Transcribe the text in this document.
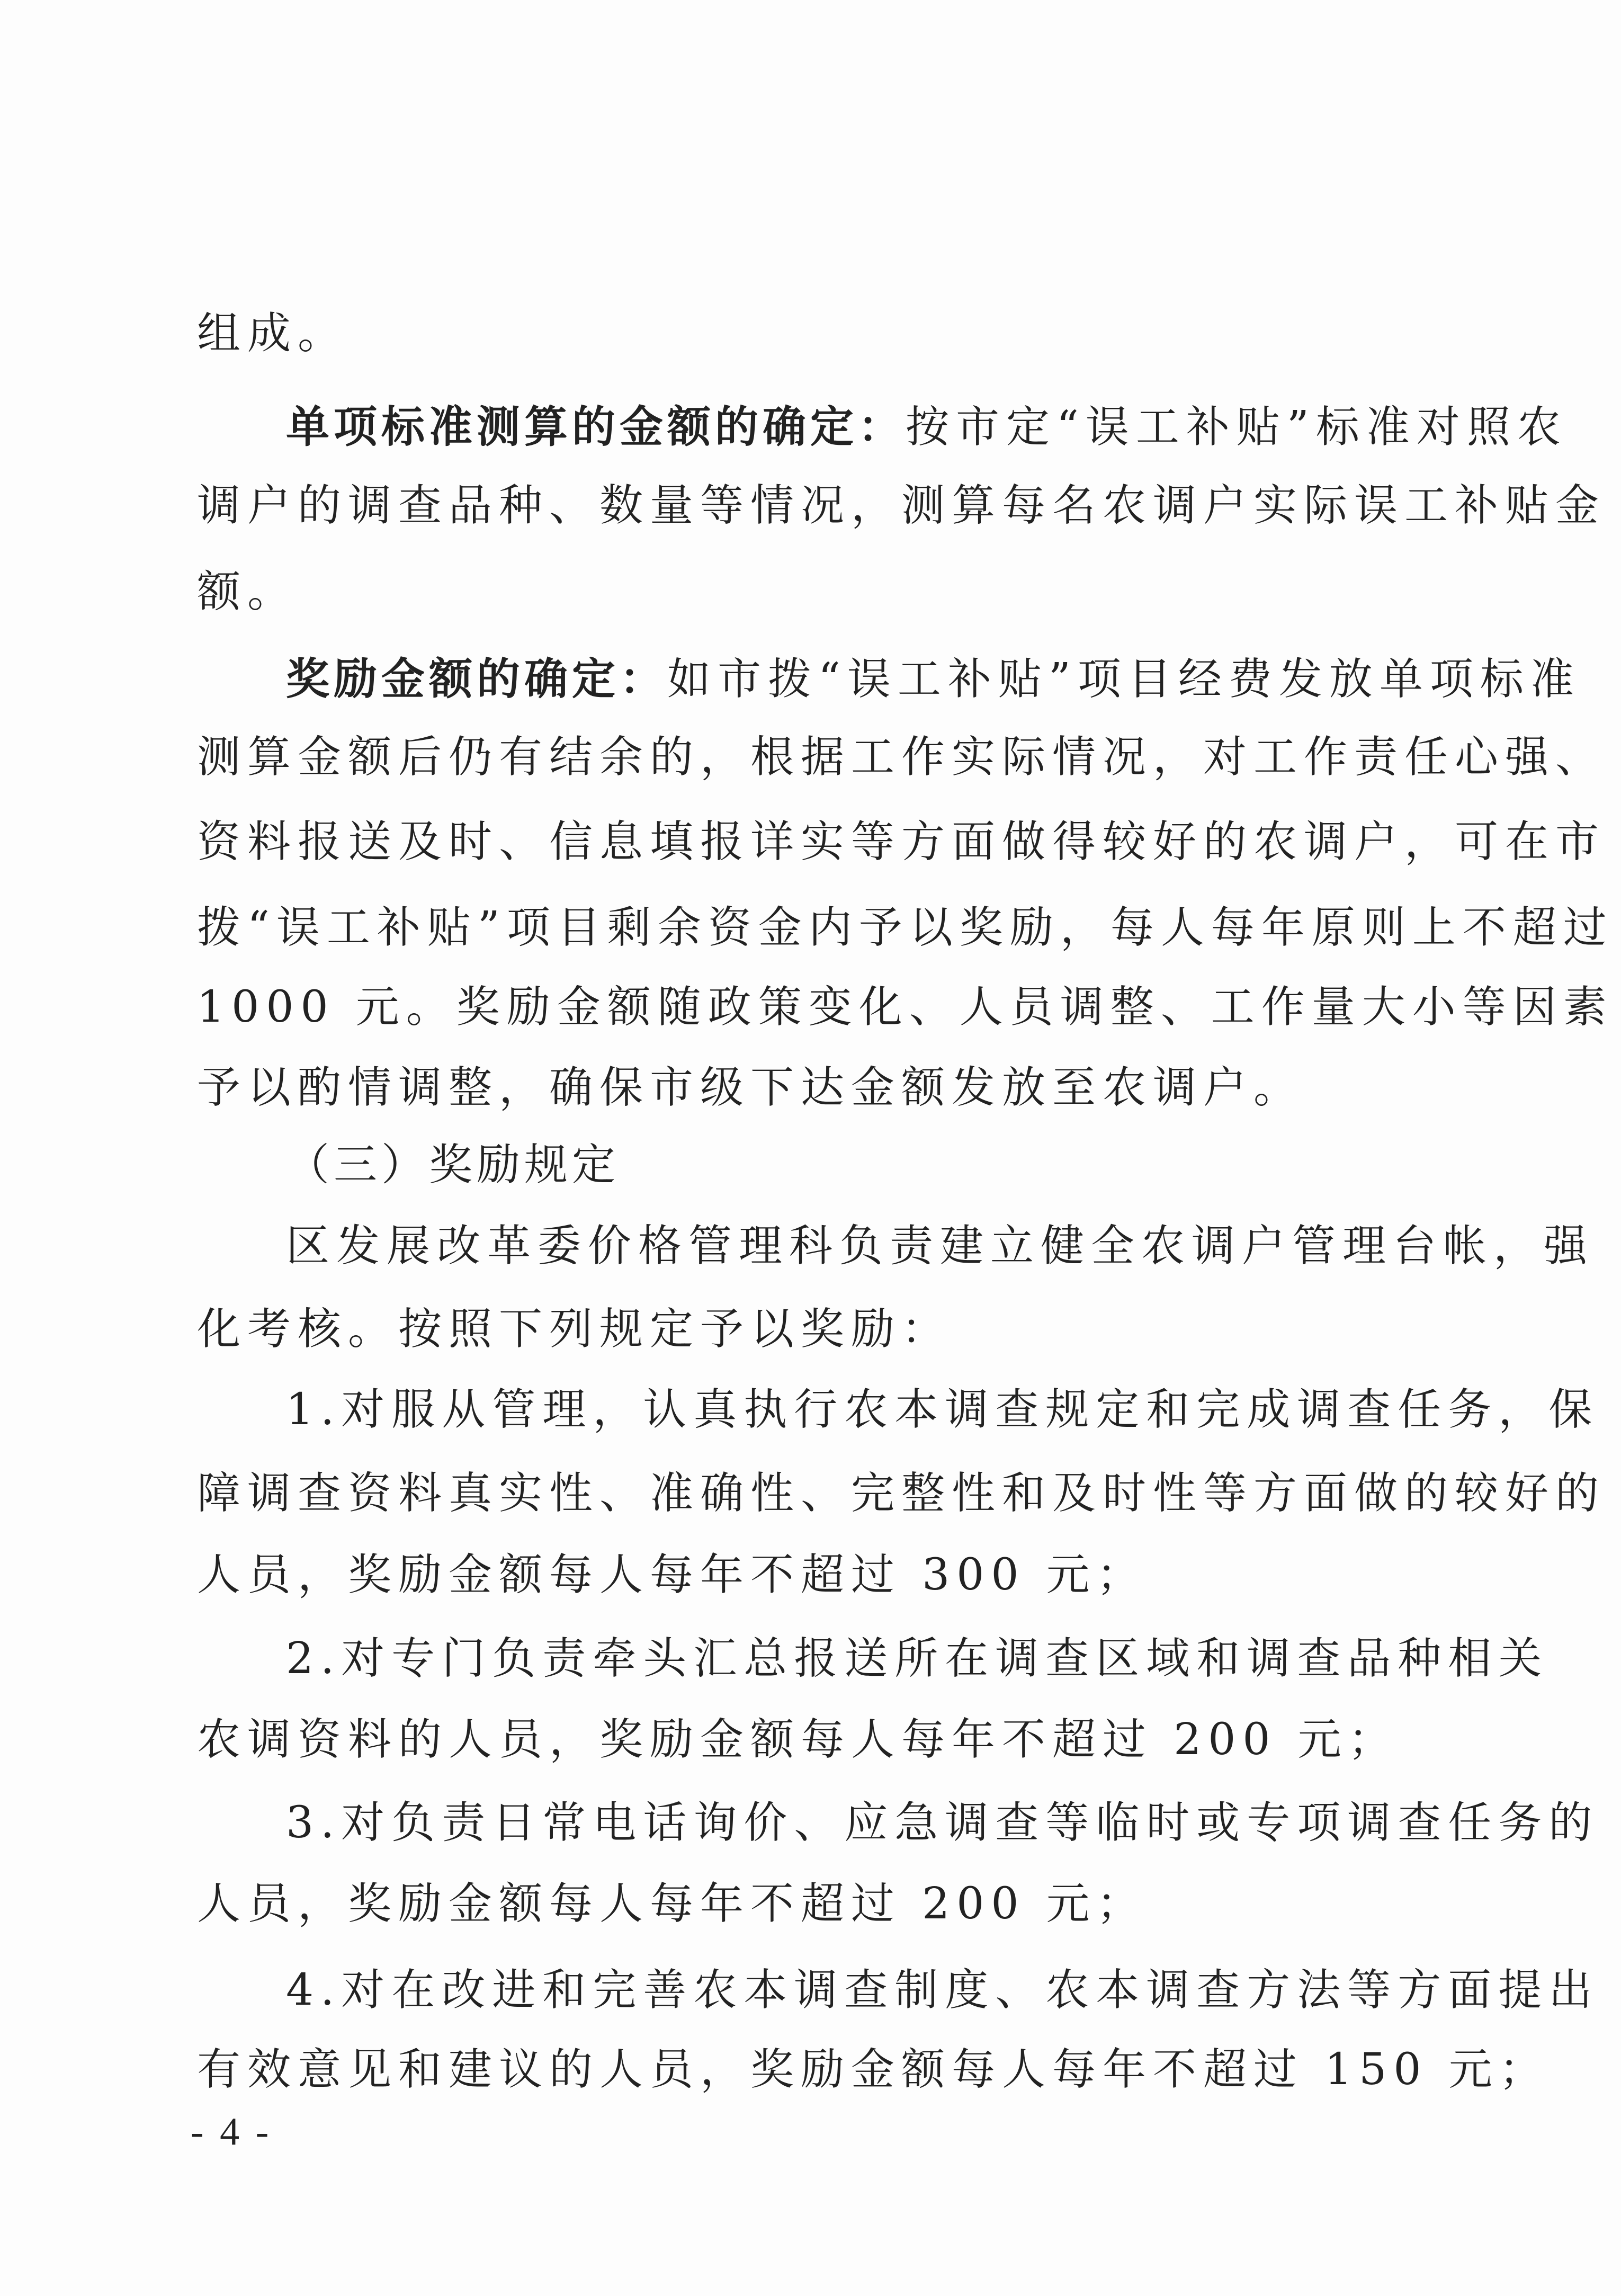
组成。
单项标准测算的金额的确定：按市定“误工补贴”标准对照农
调户的调查品种、数量等情况，测算每名农调户实际误工补贴金
额。
奖励金额的确定：如市拨“误工补贴”项目经费发放单项标准
测算金额后仍有结余的，根据工作实际情况，对工作责任心强、
资料报送及时、信息填报详实等方面做得较好的农调户，可在市
拨“误工补贴”项目剩余资金内予以奖励，每人每年原则上不超过
1000 元。奖励金额随政策变化、人员调整、工作量大小等因素
予以酌情调整，确保市级下达金额发放至农调户。
（三）奖励规定
区发展改革委价格管理科负责建立健全农调户管理台帐，强
化考核。按照下列规定予以奖励：
1.对服从管理，认真执行农本调查规定和完成调查任务，保
障调查资料真实性、准确性、完整性和及时性等方面做的较好的
人员，奖励金额每人每年不超过 300 元；
2.对专门负责牵头汇总报送所在调查区域和调查品种相关
农调资料的人员，奖励金额每人每年不超过 200 元；
3.对负责日常电话询价、应急调查等临时或专项调查任务的
人员，奖励金额每人每年不超过 200 元；
4.对在改进和完善农本调查制度、农本调查方法等方面提出
有效意见和建议的人员，奖励金额每人每年不超过 150 元；
- 4 -
